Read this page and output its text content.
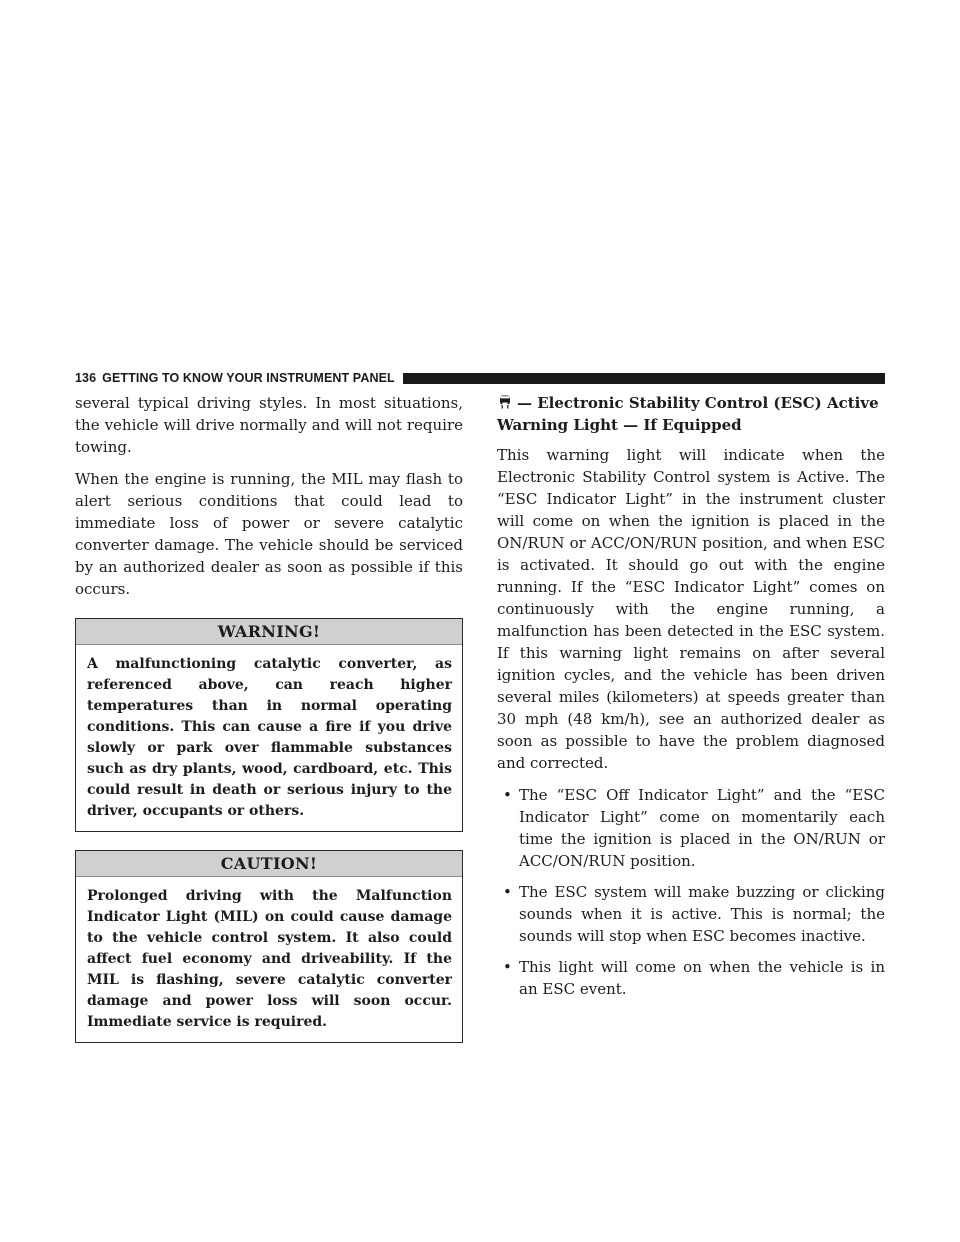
136 GETTING TO KNOW YOUR INSTRUMENT PANEL

several typical driving styles. In most situations, the vehicle will drive normally and will not require towing.

When the engine is running, the MIL may flash to alert serious conditions that could lead to immediate loss of power or severe catalytic converter damage. The vehicle should be serviced by an authorized dealer as soon as possible if this occurs.

WARNING!
A malfunctioning catalytic converter, as referenced above, can reach higher temperatures than in normal operating conditions. This can cause a fire if you drive slowly or park over flammable substances such as dry plants, wood, cardboard, etc. This could result in death or serious injury to the driver, occupants or others.
CAUTION!
Prolonged driving with the Malfunction Indicator Light (MIL) on could cause damage to the vehicle control system. It also could affect fuel economy and driveability. If the MIL is flashing, severe catalytic converter damage and power loss will soon occur. Immediate service is required.
— Electronic Stability Control (ESC) Active Warning Light — If Equipped

This warning light will indicate when the Electronic Stability Control system is Active. The “ESC Indicator Light” in the instrument cluster will come on when the ignition is placed in the ON/RUN or ACC/ON/RUN position, and when ESC is activated. It should go out with the engine running. If the “ESC Indicator Light” comes on continuously with the engine running, a malfunction has been detected in the ESC system. If this warning light remains on after several ignition cycles, and the vehicle has been driven several miles (kilometers) at speeds greater than 30 mph (48 km/h), see an authorized dealer as soon as possible to have the problem diagnosed and corrected.

• The “ESC Off Indicator Light” and the “ESC Indicator Light” come on momentarily each time the ignition is placed in the ON/RUN or ACC/ON/RUN position.
• The ESC system will make buzzing or clicking sounds when it is active. This is normal; the sounds will stop when ESC becomes inactive.
• This light will come on when the vehicle is in an ESC event.
